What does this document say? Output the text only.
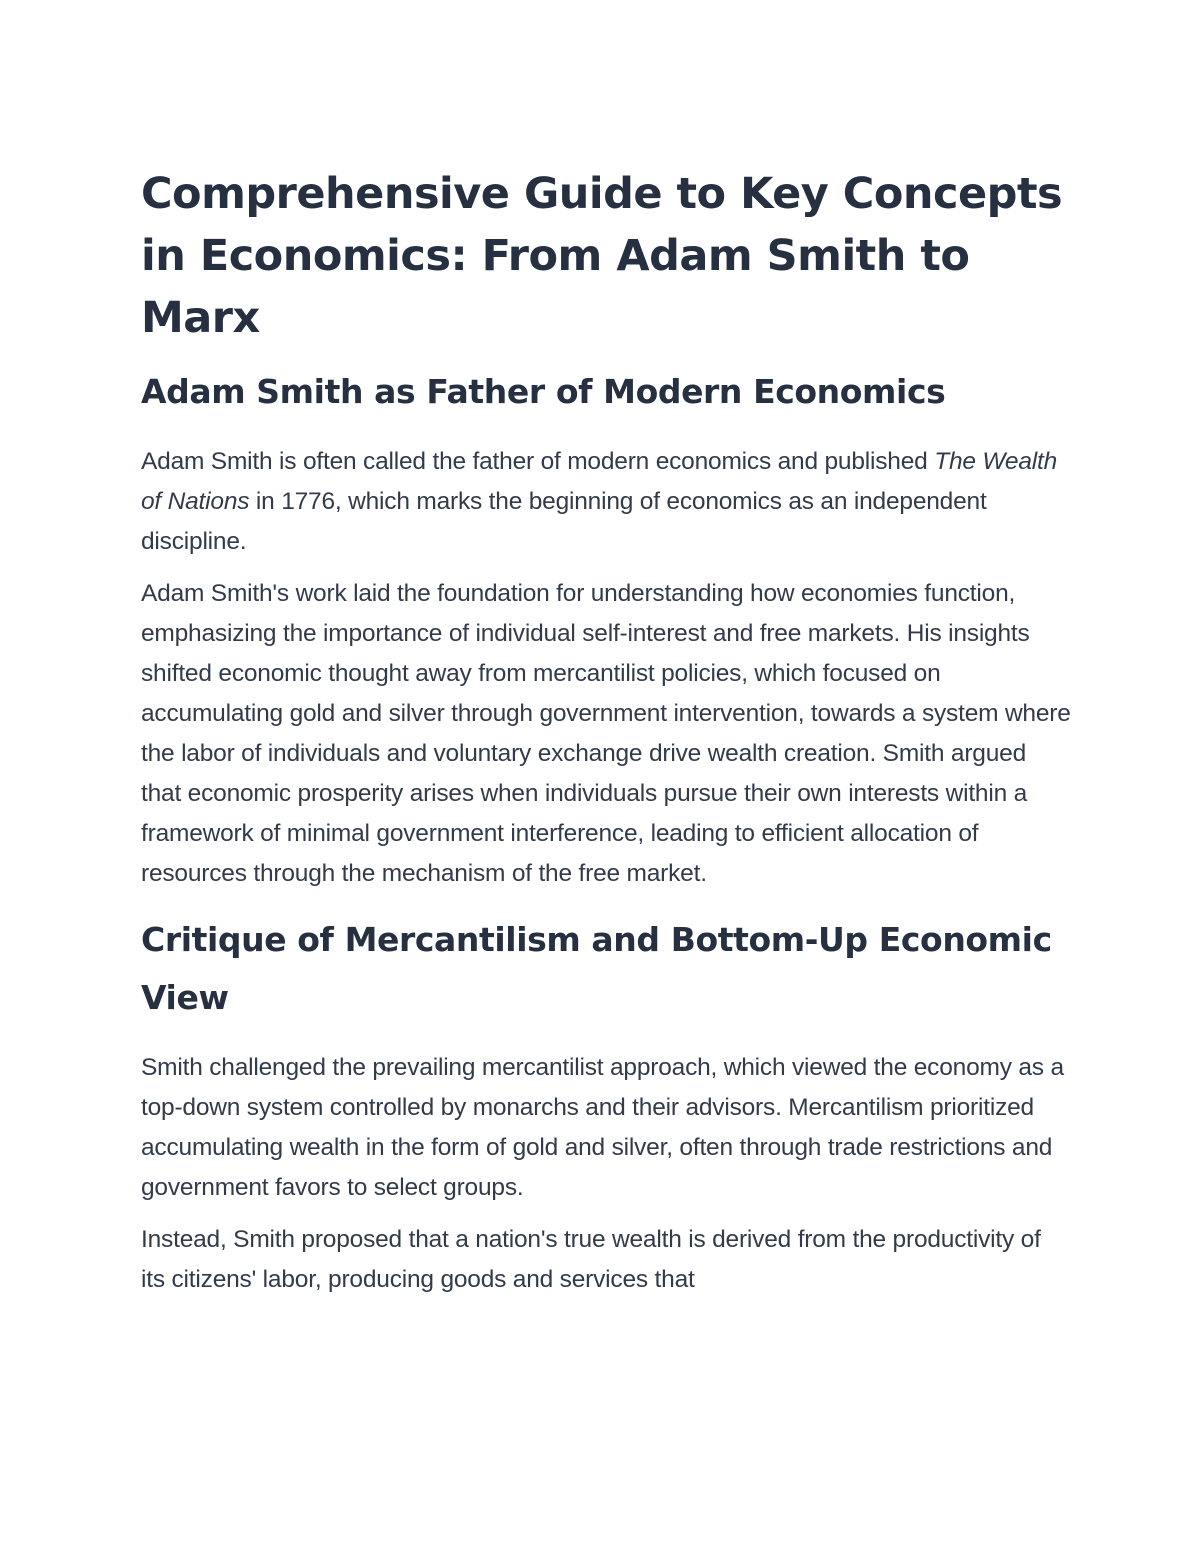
Comprehensive Guide to Key Concepts in Economics: From Adam Smith to Marx
Adam Smith as Father of Modern Economics

Adam Smith is often called the father of modern economics and published The Wealth of Nations in 1776, which marks the beginning of economics as an independent discipline.

Adam Smith's work laid the foundation for understanding how economies function, emphasizing the importance of individual self-interest and free markets. His insights shifted economic thought away from mercantilist policies, which focused on accumulating gold and silver through government intervention, towards a system where the labor of individuals and voluntary exchange drive wealth creation. Smith argued that economic prosperity arises when individuals pursue their own interests within a framework of minimal government interference, leading to efficient allocation of resources through the mechanism of the free market.

Critique of Mercantilism and Bottom-Up Economic View

Smith challenged the prevailing mercantilist approach, which viewed the economy as a top-down system controlled by monarchs and their advisors. Mercantilism prioritized accumulating wealth in the form of gold and silver, often through trade restrictions and government favors to select groups.

Instead, Smith proposed that a nation's true wealth is derived from the productivity of its citizens' labor, producing goods and services that
